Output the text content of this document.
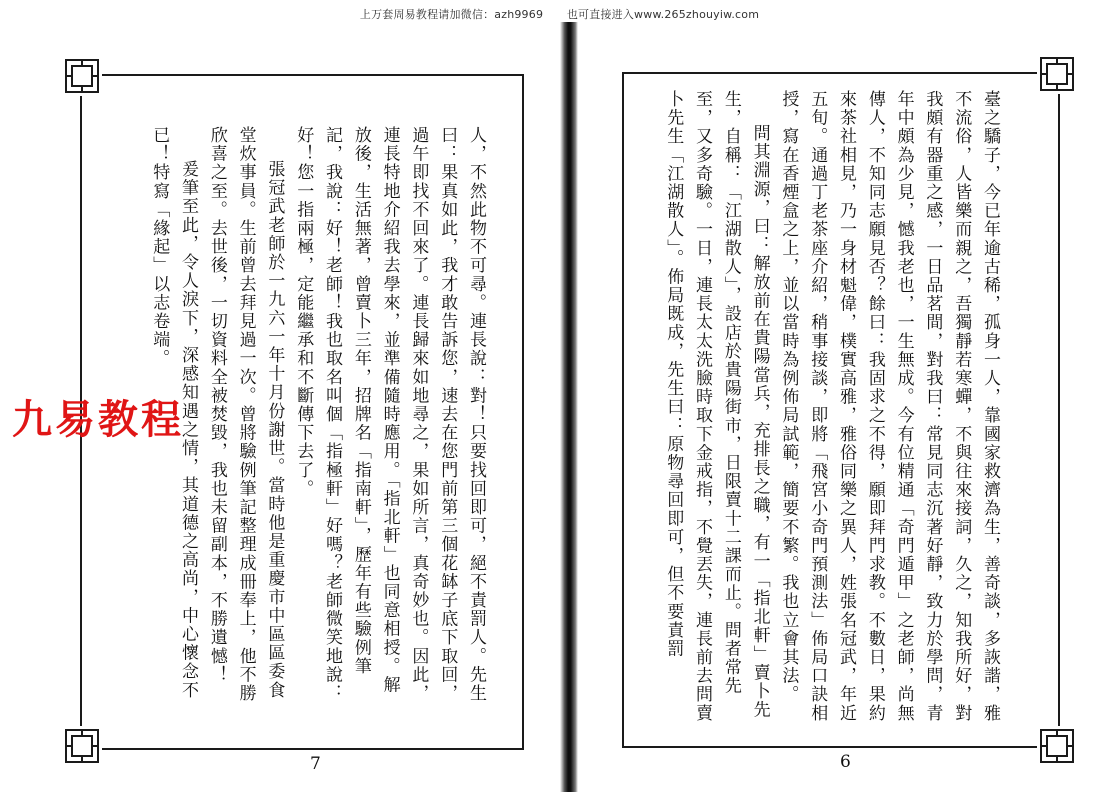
上万套周易教程请加微信：azh9969 也可直接进入www.265zhouyiw.com

人，不然此物不可尋。連長說：對！只要找回即可，絕不責罰人。先生曰：果真如此，我才敢告訴您，速去在您門前第三個花缽子底下取回，過午即找不回來了。連長歸來如地尋之，果如所言，真奇妙也。因此，連長特地介紹我去學來，並準備隨時應用。「指北軒」也同意相授。解放後，生活無著，曾賣卜三年，招牌名「指南軒」，歷年有些驗例筆記，我說：好！老師！我也取名叫個「指極軒」好嗎？老師微笑地說：好！您一指兩極，定能繼承和不斷傳下去了。

張冠武老師於一九六一年十月份謝世。當時他是重慶市中區區委食堂炊事員。生前曾去拜見過一次。曾將驗例筆記整理成冊奉上，他不勝欣喜之至。去世後，一切資料全被焚毀，我也未留副本，不勝遺憾！

爰筆至此，令人淚下，深感知遇之情，其道德之高尚，中心懷念不已！特寫「緣起」以志卷端。

7
九易教程	臺之驕子，今已年逾古稀，孤身一人，靠國家救濟為生，善奇談，多詼諧，雅不流俗，人皆樂而親之，吾獨靜若寒蟬，不與往來接詞，久之，知我所好，對我頗有器重之感，一日品茗間，對我曰：常見同志沉著好靜，致力於學問，青年中頗為少見，憾我老也，一生無成。今有位精通「奇門遁甲」之老師，尚無傳人，不知同志願見否？餘曰：我固求之不得，願即拜門求教。不數日，果約來茶社相見，乃一身材魁偉，樸實高雅，雅俗同樂之異人，姓張名冠武，年近五旬。通過丁老茶座介紹，稍事接談，即將「飛宮小奇門預測法」佈局口訣相授，寫在香煙盒之上，並以當時為例佈局試範，簡要不繁。我也立會其法。

問其淵源，曰：解放前在貴陽當兵，充排長之職，有一「指北軒」賣卜先生，自稱：「江湖散人」，設店於貴陽街市，日限賣十二課而止。問者常先至，又多奇驗。一日，連長太太洗臉時取下金戒指，不覺丟失，連長前去問賣卜先生「江湖散人」。佈局既成，先生曰：原物尋回即可，但不要責罰

6
